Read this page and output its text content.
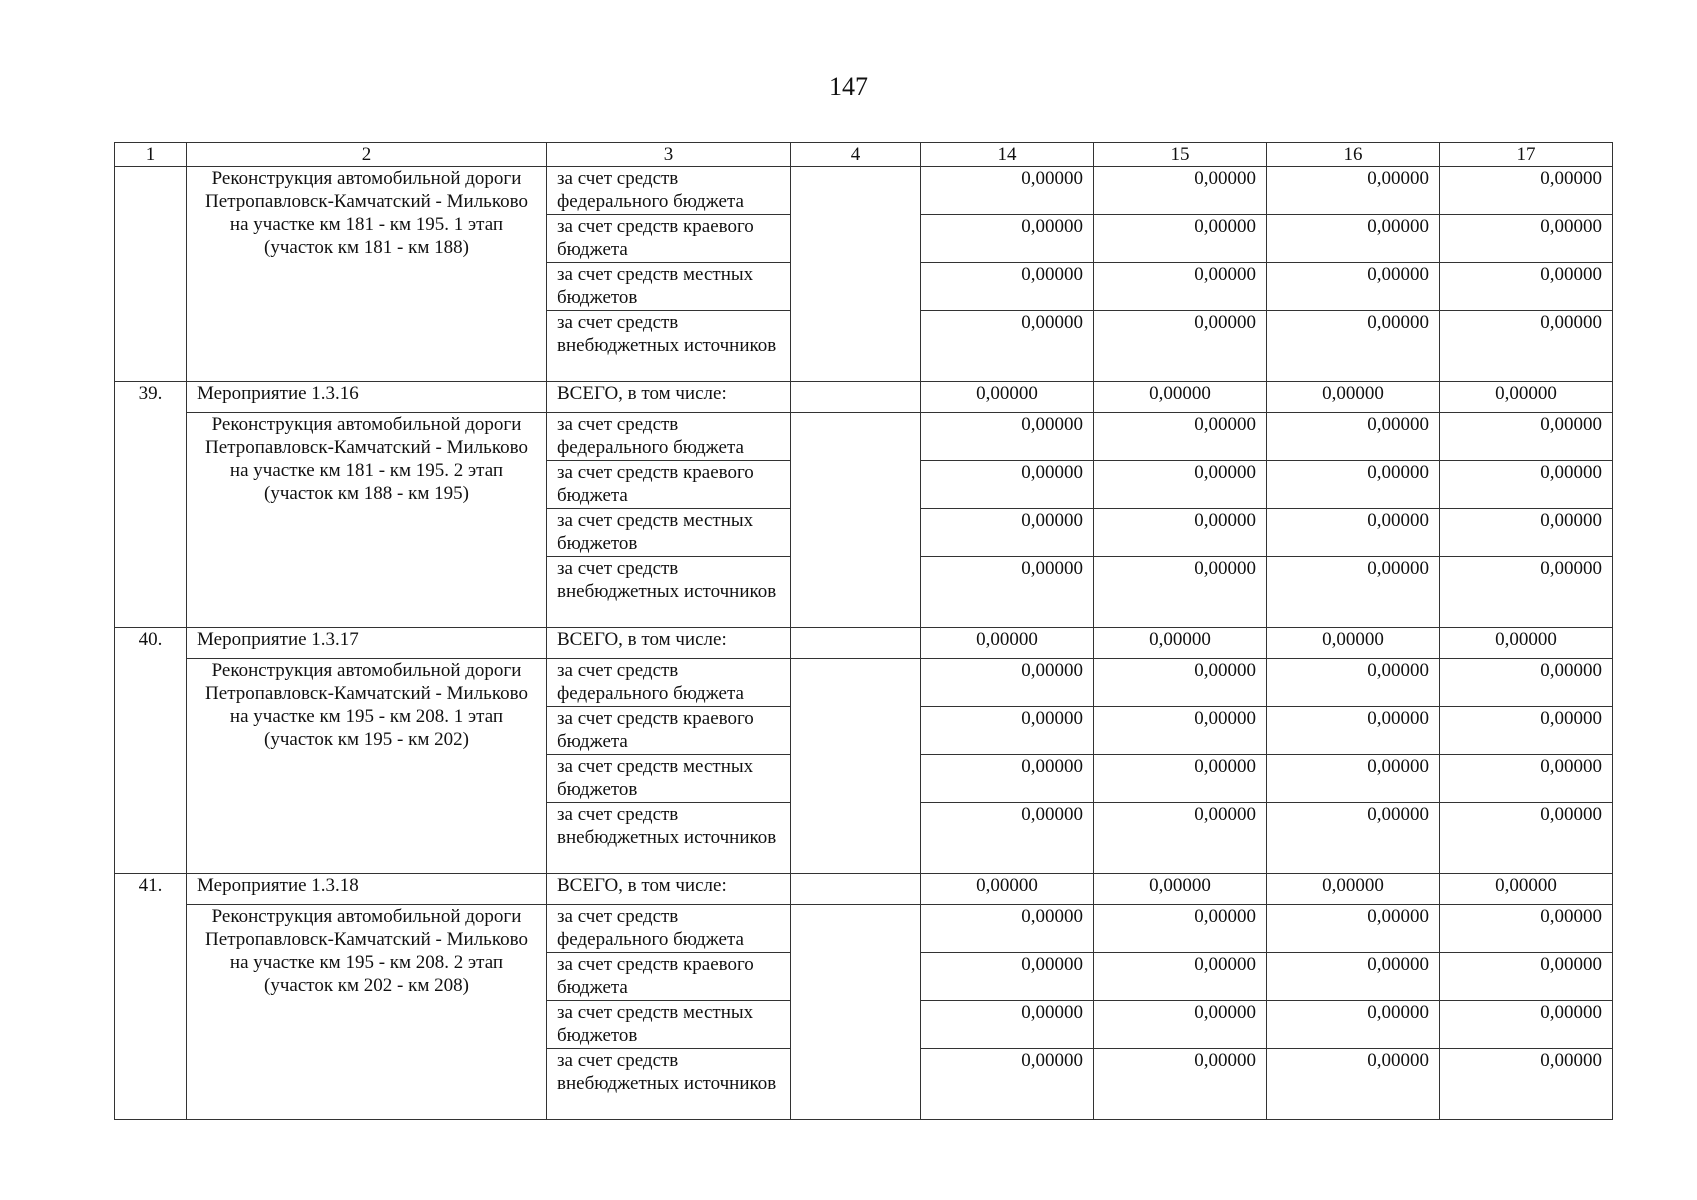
147
1	2	3	4	14	15	16	17
	Реконструкция автомобильной дороги Петропавловск-Камчатский - Мильково на участке км 181 - км 195. 1 этап (участок км 181 - км 188)	за счет средств федерального бюджета		0,00000	0,00000	0,00000	0,00000
		за счет средств краевого бюджета		0,00000	0,00000	0,00000	0,00000
		за счет средств местных бюджетов		0,00000	0,00000	0,00000	0,00000
		за счет средств внебюджетных источников		0,00000	0,00000	0,00000	0,00000
39.	Мероприятие 1.3.16	ВСЕГО, в том числе:		0,00000	0,00000	0,00000	0,00000
	Реконструкция автомобильной дороги Петропавловск-Камчатский - Мильково на участке км 181 - км 195. 2 этап (участок км 188 - км 195)	за счет средств федерального бюджета		0,00000	0,00000	0,00000	0,00000
		за счет средств краевого бюджета		0,00000	0,00000	0,00000	0,00000
		за счет средств местных бюджетов		0,00000	0,00000	0,00000	0,00000
		за счет средств внебюджетных источников		0,00000	0,00000	0,00000	0,00000
40.	Мероприятие 1.3.17	ВСЕГО, в том числе:		0,00000	0,00000	0,00000	0,00000
	Реконструкция автомобильной дороги Петропавловск-Камчатский - Мильково на участке км 195 - км 208. 1 этап (участок км 195 - км 202)	за счет средств федерального бюджета		0,00000	0,00000	0,00000	0,00000
		за счет средств краевого бюджета		0,00000	0,00000	0,00000	0,00000
		за счет средств местных бюджетов		0,00000	0,00000	0,00000	0,00000
		за счет средств внебюджетных источников		0,00000	0,00000	0,00000	0,00000
41.	Мероприятие 1.3.18	ВСЕГО, в том числе:		0,00000	0,00000	0,00000	0,00000
	Реконструкция автомобильной дороги Петропавловск-Камчатский - Мильково на участке км 195 - км 208. 2 этап (участок км 202 - км 208)	за счет средств федерального бюджета		0,00000	0,00000	0,00000	0,00000
		за счет средств краевого бюджета		0,00000	0,00000	0,00000	0,00000
		за счет средств местных бюджетов		0,00000	0,00000	0,00000	0,00000
		за счет средств внебюджетных источников		0,00000	0,00000	0,00000	0,00000
